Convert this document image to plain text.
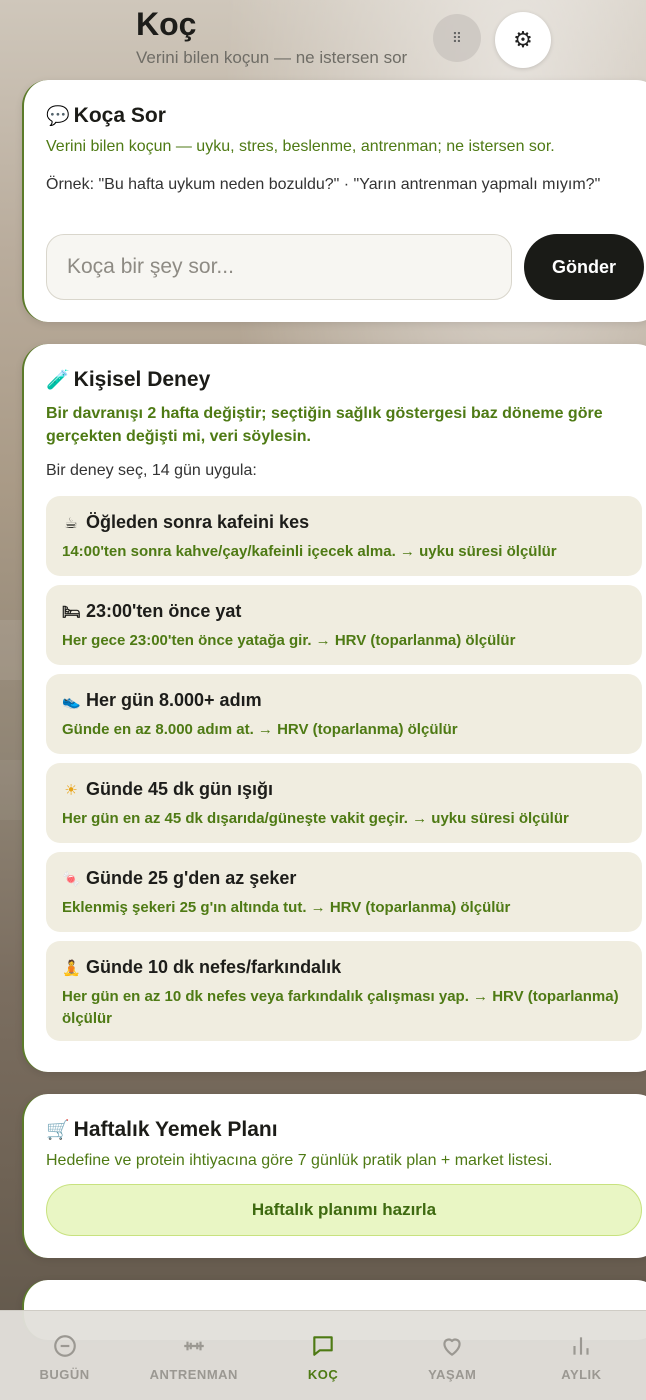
Koç
Verini bilen koçun — ne istersen sor
⠿ ⚙
💬 Koça Sor
Verini bilen koçun — uyku, stres, beslenme, antrenman; ne istersen sor.
Örnek: "Bu hafta uykum neden bozuldu?" · "Yarın antrenman yapmalı mıyım?"
Koça bir şey sor...
Gönder
🧪 Kişisel Deney
Bir davranışı 2 hafta değiştir; seçtiğin sağlık göstergesi baz döneme göre gerçekten değişti mi, veri söylesin.
Bir deney seç, 14 gün uygula:
☕ Öğleden sonra kafeini kes
14:00'ten sonra kahve/çay/kafeinli içecek alma. → uyku süresi ölçülür
🛏 23:00'ten önce yat
Her gece 23:00'ten önce yatağa gir. → HRV (toparlanma) ölçülür
👟 Her gün 8.000+ adım
Günde en az 8.000 adım at. → HRV (toparlanma) ölçülür
☀ Günde 45 dk gün ışığı
Her gün en az 45 dk dışarıda/güneşte vakit geçir. → uyku süresi ölçülür
🍬 Günde 25 g'den az şeker
Eklenmiş şekeri 25 g'ın altında tut. → HRV (toparlanma) ölçülür
🧘 Günde 10 dk nefes/farkındalık
Her gün en az 10 dk nefes veya farkındalık çalışması yap. → HRV (toparlanma) ölçülür
🛒 Haftalık Yemek Planı
Hedefine ve protein ihtiyacına göre 7 günlük pratik plan + market listesi.
Haftalık planımı hazırla
BUGÜN	ANTRENMAN	KOÇ	YAŞAM	AYLIK
